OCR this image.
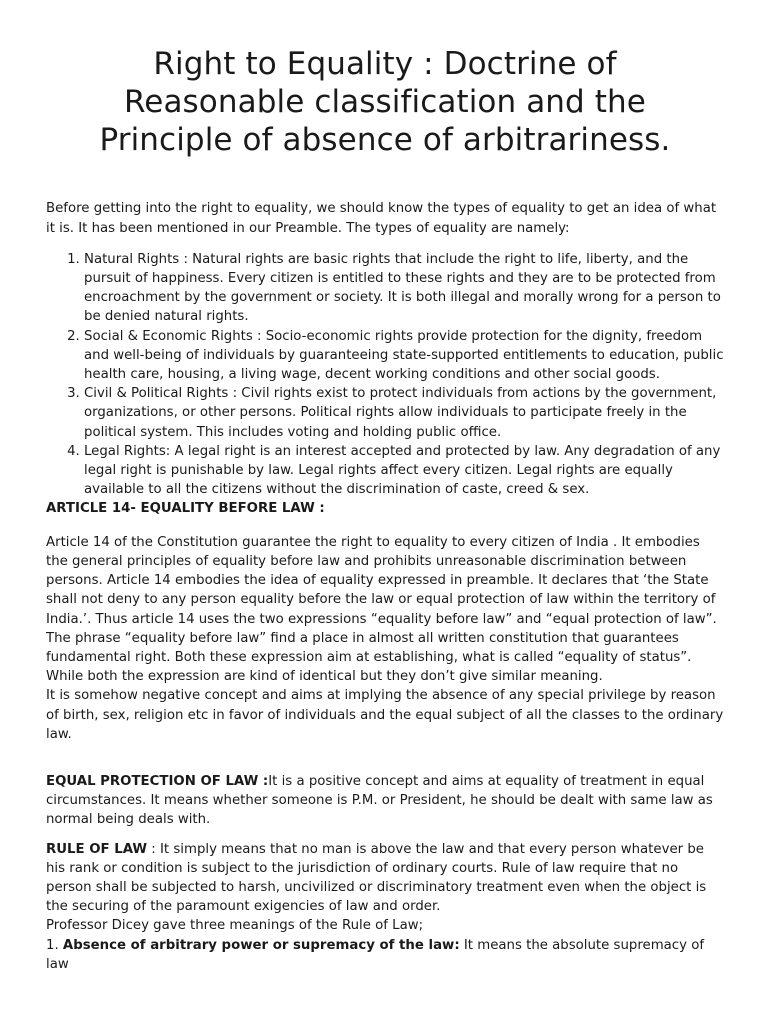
Right to Equality : Doctrine of
Reasonable classification and the
Principle of absence of arbitrariness.

Before getting into the right to equality, we should know the types of equality to get an idea of what it is. It has been mentioned in our Preamble. The types of equality are namely:

1. Natural Rights : Natural rights are basic rights that include the right to life, liberty, and the pursuit of happiness. Every citizen is entitled to these rights and they are to be protected from encroachment by the government or society. It is both illegal and morally wrong for a person to be denied natural rights.
2. Social & Economic Rights : Socio-economic rights provide protection for the dignity, freedom and well-being of individuals by guaranteeing state-supported entitlements to education, public health care, housing, a living wage, decent working conditions and other social goods.
3. Civil & Political Rights : Civil rights exist to protect individuals from actions by the government, organizations, or other persons. Political rights allow individuals to participate freely in the political system. This includes voting and holding public office.
4. Legal Rights: A legal right is an interest accepted and protected by law. Any degradation of any legal right is punishable by law. Legal rights affect every citizen. Legal rights are equally available to all the citizens without the discrimination of caste, creed & sex.

ARTICLE 14- EQUALITY BEFORE LAW :

Article 14 of the Constitution guarantee the right to equality to every citizen of India . It embodies the general principles of equality before law and prohibits unreasonable discrimination between persons. Article 14 embodies the idea of equality expressed in preamble. It declares that ‘the State shall not deny to any person equality before the law or equal protection of law within the territory of India.’. Thus article 14 uses the two expressions “equality before law” and “equal protection of law”. The phrase “equality before law” find a place in almost all written constitution that guarantees fundamental right. Both these expression aim at establishing, what is called “equality of status”. While both the expression are kind of identical but they don’t give similar meaning.

It is somehow negative concept and aims at implying the absence of any special privilege by reason of birth, sex, religion etc in favor of individuals and the equal subject of all the classes to the ordinary law.

EQUAL PROTECTION OF LAW :It is a positive concept and aims at equality of treatment in equal circumstances. It means whether someone is P.M. or President, he should be dealt with same law as normal being deals with.

RULE OF LAW : It simply means that no man is above the law and that every person whatever be his rank or condition is subject to the jurisdiction of ordinary courts. Rule of law require that no person shall be subjected to harsh, uncivilized or discriminatory treatment even when the object is the securing of the paramount exigencies of law and order.

Professor Dicey gave three meanings of the Rule of Law;

1. Absence of arbitrary power or supremacy of the law: It means the absolute supremacy of law
